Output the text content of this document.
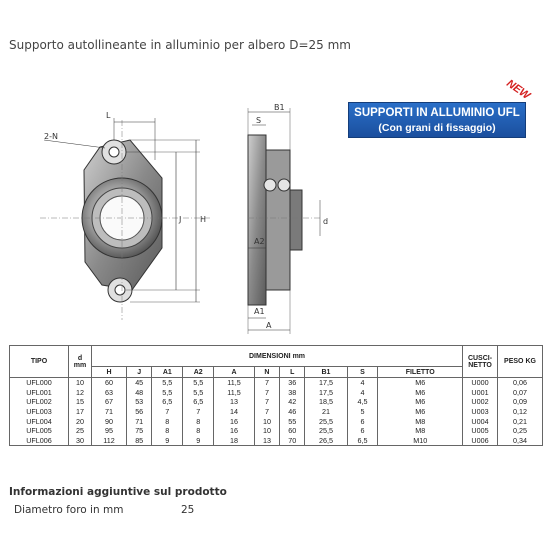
Supporto autollineante in alluminio per albero D=25 mm
L
2-N
J H
B1
S
A2
A1
A
d
NEW
SUPPORTI IN ALLUMINIO UFL
(Con grani di fissaggio)
TIPO	d
mm	DIMENSIONI mm										CUSCI-
NETTO	PESO KG
		H	J	A1	A2	A	N	L	B1	S	FILETTO		
UFL000	10	60	45	5,5	5,5	11,5	7	36	17,5	4	M6	U000	0,06
UFL001	12	63	48	5,5	5,5	11,5	7	38	17,5	4	M6	U001	0,07
UFL002	15	67	53	6,5	6,5	13	7	42	18,5	4,5	M6	U002	0,09
UFL003	17	71	56	7	7	14	7	46	21	5	M6	U003	0,12
UFL004	20	90	71	8	8	16	10	55	25,5	6	M8	U004	0,21
UFL005	25	95	75	8	8	16	10	60	25,5	6	M8	U005	0,25
UFL006	30	112	85	9	9	18	13	70	26,5	6,5	M10	U006	0,34
Informazioni aggiuntive sul prodotto
Diametro foro in mm	25
